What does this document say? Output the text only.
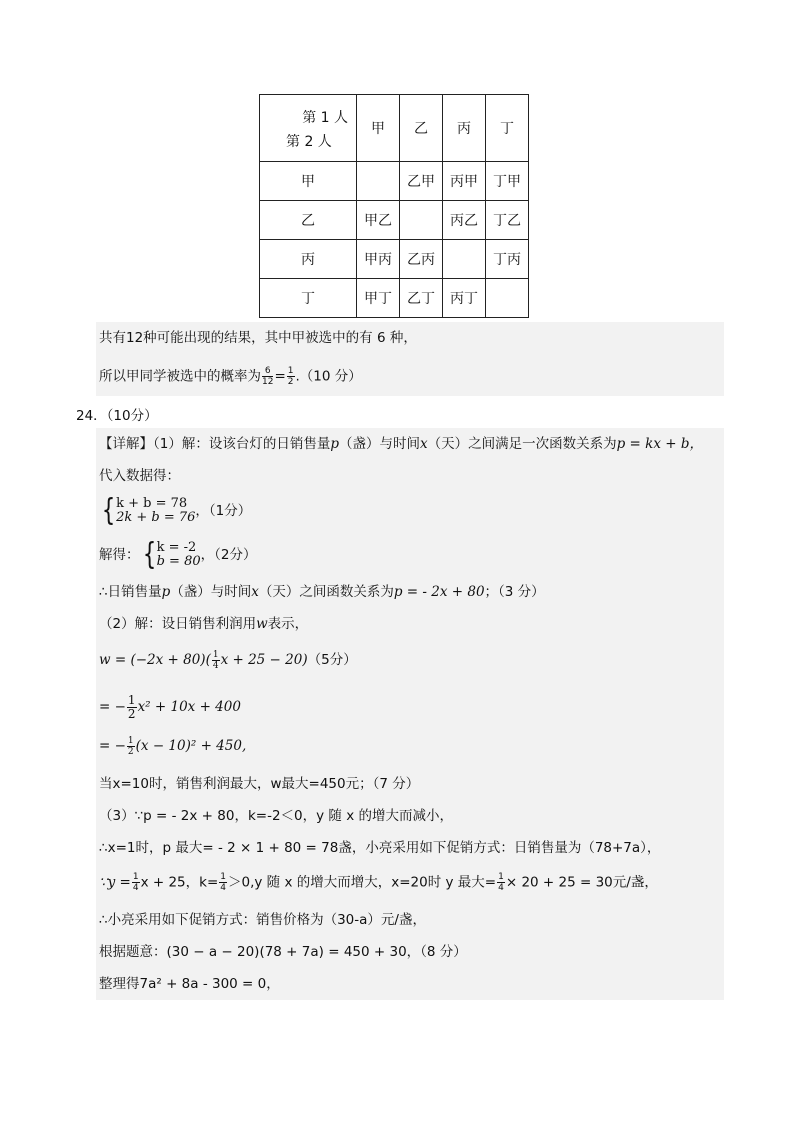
第 1 人
第 2 人	甲	乙	丙	丁
甲		乙甲	丙甲	丁甲
乙	甲乙		丙乙	丁乙
丙	甲丙	乙丙		丁丙
丁	甲丁	乙丁	丙丁	
共有12种可能出现的结果，其中甲被选中的有 6 种，
所以甲同学被选中的概率为 $\frac{6}{12} = \frac{1}{2} .(10$ 分）
24．（10分）
【详解】（1）解：设该台灯的日销售量p（盏）与时间x（天）之间满足一次函数关系为p = kx + b，
代入数据得：
{ k + b = 78
2k + b = 76 ，（1分）
解得：{ k = -2
b = 80 ，（2分）
∴日销售量p（盏）与时间x（天）之间函数关系为p = - 2x + 80；（3 分）
（2）解：设日销售利润用w表示，
$w = (-2x + 80)( \frac{1}{4}$ x + 25 − 20)（5分）
= − $\frac{1}{2} x^2 + 10x + 400$
= − $\frac{1}{2} (x - 10)^2 + 450$,
当x=10时，销售利润最大，w最大=450元；（7 分）
（3）∵p = - 2x + 80，k=-2＜0，y 随 x 的增大而减小，
∴x=1时，p 最大= - 2 × 1 + 80 = 78盏，小亮采用如下促销方式：日销售量为（78+7a），
∵y = $\frac{1}{4}$ x + 25，$k= \frac{1}{4} >0,y$ 随 x 的增大而增大，x=20时 y 最大= $\frac{1}{4} \times 20 + 25 = 30$元/盏，
∴小亮采用如下促销方式：销售价格为（30-a）元/盏，
根据题意：(30 − a − 20)(78 + 7a) = 450 + 30，（8 分）
整理得7a² + 8a - 300 = 0，
